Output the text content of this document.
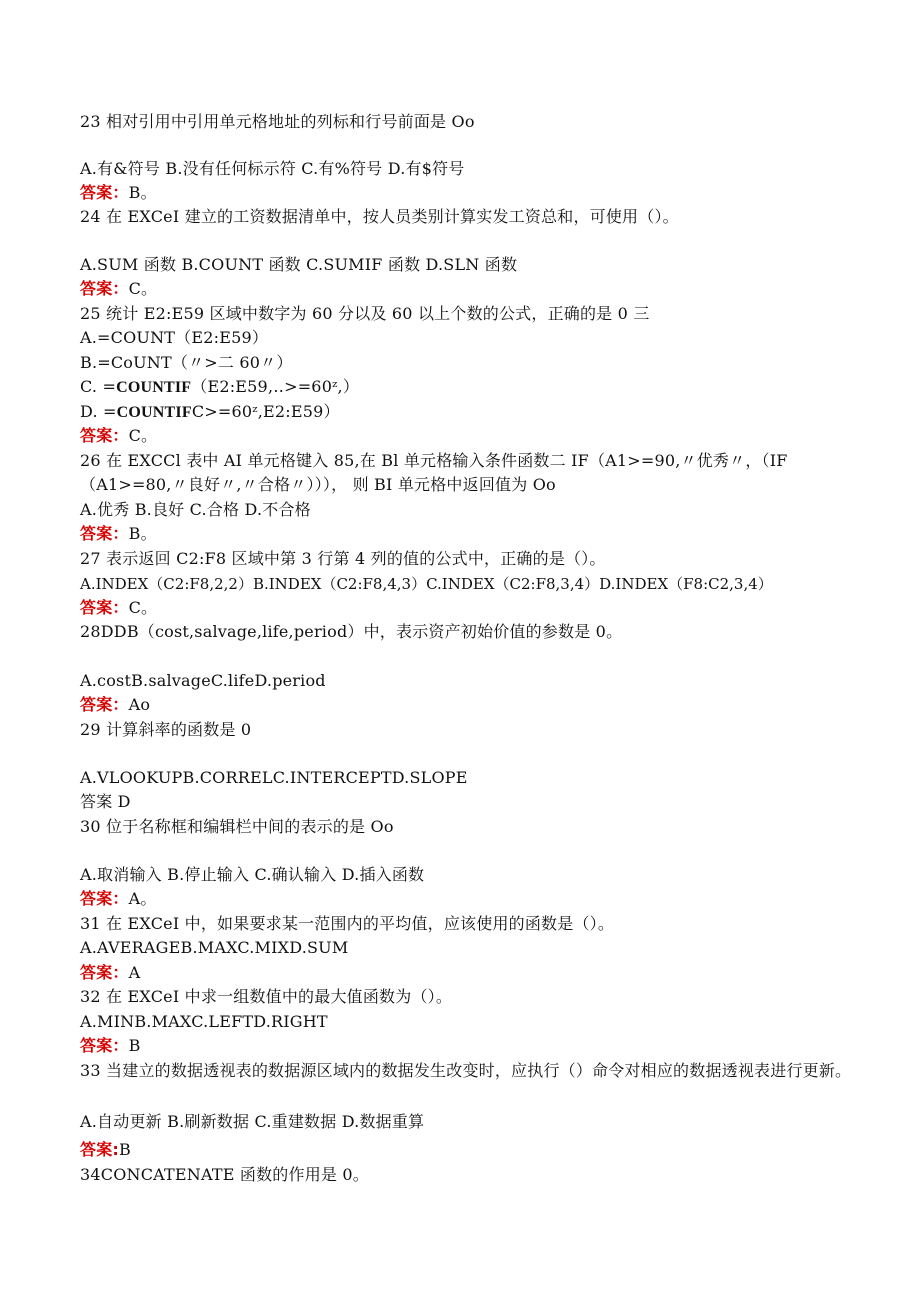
23 相对引用中引用单元格地址的列标和行号前面是 Oo
A.有&符号 B.没有任何标示符 C.有%符号 D.有$符号
答案：B。
24 在 EXCeI 建立的工资数据清单中，按人员类别计算实发工资总和，可使用（）。
A.SUM 函数 B.COUNT 函数 C.SUMIF 函数 D.SLN 函数
答案：C。
25 统计 E2:E59 区域中数字为 60 分以及 60 以上个数的公式，正确的是 0 三
A.=COUNT（E2:E59）
B.=CoUNT（〃>二 60〃）
C. =COUNTIF（E2:E59,‥>=60ᶻ,）
D. =COUNTIFC>=60ᶻ,E2:E59）
答案：C。
26 在 EXCCl 表中 AI 单元格键入 85,在 Bl 单元格输入条件函数二 IF（A1>=90,〃优秀〃，（IF（A1>=80,〃良好〃,〃合格〃）））， 则 BI 单元格中返回值为 Oo
A.优秀 B.良好 C.合格 D.不合格
答案：B。
27 表示返回 C2:F8 区域中第 3 行第 4 列的值的公式中，正确的是（）。
A.INDEX（C2:F8,2,2）B.INDEX（C2:F8,4,3）C.INDEX（C2:F8,3,4）D.INDEX（F8:C2,3,4）
答案：C。
28DDB（cost,salvage,life,period）中，表示资产初始价值的参数是 0。
A.costB.salvageC.lifeD.period
答案：Ao
29 计算斜率的函数是 0
A.VLOOKUPB.CORRELC.INTERCEPTD.SLOPE
答案 D
30 位于名称框和编辑栏中间的表示的是 Oo
A.取消输入 B.停止输入 C.确认输入 D.插入函数
答案：A。
31 在 EXCeI 中，如果要求某一范围内的平均值，应该使用的函数是（）。
A.AVERAGEB.MAXC.MIXD.SUM
答案：A
32 在 EXCeI 中求一组数值中的最大值函数为（）。
A.MINB.MAXC.LEFTD.RIGHT
答案：B
33 当建立的数据透视表的数据源区域内的数据发生改变时，应执行（）命令对相应的数据透视表进行更新。
A.自动更新 B.刷新数据 C.重建数据 D.数据重算
答案:B
34CONCATENATE 函数的作用是 0。
